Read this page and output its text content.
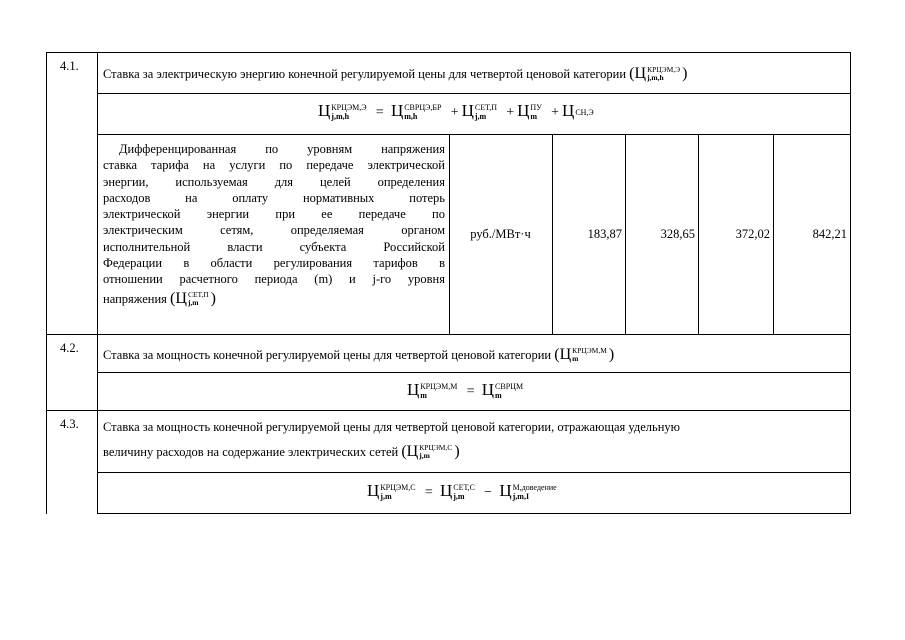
4.1.
Ставка за электрическую энергию конечной регулируемой цены для четвертой ценовой категории (Ц КРЦЭМ,Э
j,m,h	)
Ц КРЦЭМ,Э
j,m,h	= Ц СВРЦЭ,БР
m,h	+ Ц СЕТ,П
j,m	+ Ц ПУ
m	+ Ц СН,Э
Дифференцированная по уровням напряжения
ставка тарифа на услуги по передаче электрической
энергии, используемая для целей определения
расходов на оплату нормативных потерь
электрической энергии при ее передаче по
электрическим сетям, определяемая органом
исполнительной власти субъекта Российской
Федерации в области регулирования тарифов в
отношении расчетного периода (m) и j-го уровня
напряжения (Ц СЕТ,П
j,m )
руб./МВт·ч	183,87	328,65	372,02	842,21
4.2. Ставка за мощность конечной регулируемой цены для четвертой ценовой категории (Ц КРЦЭМ,М
m	)
Ц КРЦЭМ,М
m	= Ц СВРЦМ
m
4.3. Ставка за мощность конечной регулируемой цены для четвертой ценовой категории, отражающая удельную
величину расходов на содержание электрических сетей (Ц КРЦЭМ,С
j,m	)
Ц КРЦЭМ,С
j,m	= Ц СЕТ,С
j,m	− Ц М,доведение
j,m,I
